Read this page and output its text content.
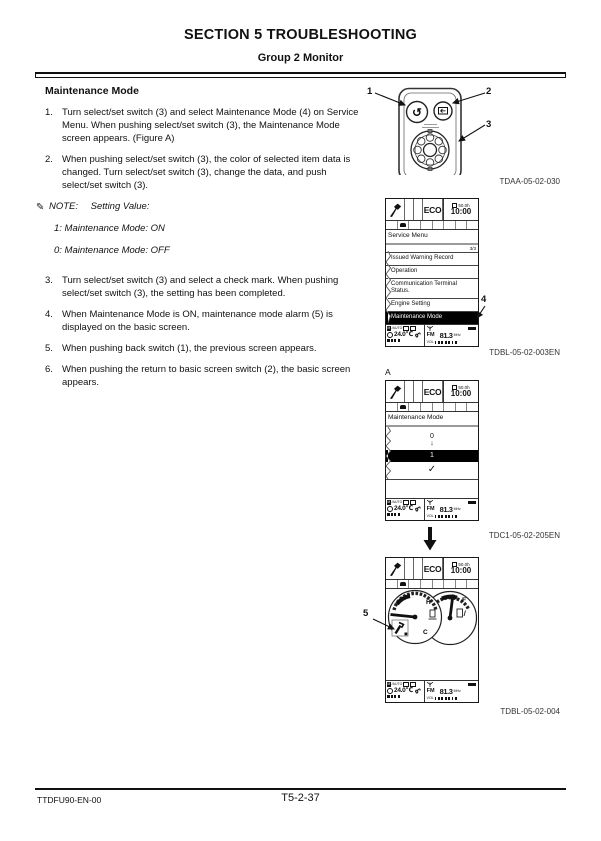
SECTION 5 TROUBLESHOOTING
Group 2 Monitor
Maintenance Mode
1. Turn select/set switch (3) and select Maintenance Mode (4) on Service Menu. When pushing select/set switch (3), the Maintenance Mode screen appears. (Figure A)
2. When pushing select/set switch (3), the color of selected item data is changed. Turn select/set switch (3), change the data, and push select/set switch (3).
✎ NOTE: Setting Value:
1: Maintenance Mode: ON
0: Maintenance Mode: OFF
3. Turn select/set switch (3) and select a check mark. When pushing select/set switch (3), the setting has been completed.
4. When Maintenance Mode is ON, maintenance mode alarm (5) is displayed on the basic screen.
5. When pushing back switch (1), the previous screen appears.
6. When pushing the return to basic screen switch (2), the basic screen appears.
↺
1	2
3
TDAA-05-02-030
ECO	50.0h
10:00
Service Menu
3/3
Issued Warning Record
Operation
Communication Terminal Status.
Engine Setting
Maintenance Mode
M /AUTO
24.0℃ FM 81.3 MHz
VOL
4
TDBL-05-02-003EN
A
ECO	50.0h
10:00
Maintenance Mode
0
↓
1
✓
M /AUTO
24.0℃ FM 81.3 MHz
VOL
TDC1-05-02-205EN
ECO	50.0h
10:00
F
H
C
M /AUTO
24.0℃ FM 81.3 MHz
VOL
5
TDBL-05-02-004
TTDFU90-EN-00	T5-2-37
